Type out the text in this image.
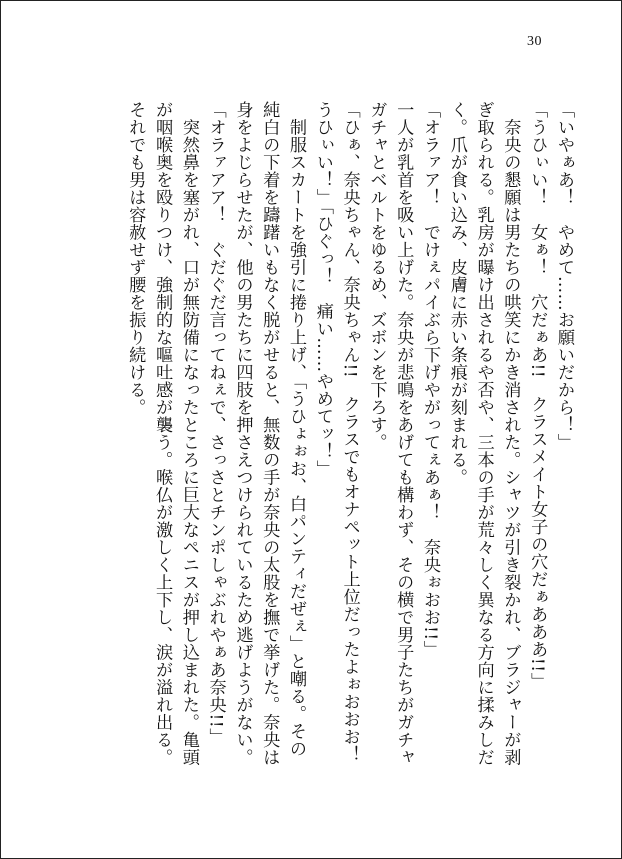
30
「いやぁあ！　やめて……お願いだから！」
「うひぃい！　女ぁ！　穴だぁあ!!　クラスメイト女子の穴だぁあああ!!」
　奈央の懇願は男たちの哄笑にかき消された。シャツが引き裂かれ、ブラジャーが剥
ぎ取られる。乳房が曝け出されるや否や、三本の手が荒々しく異なる方向に揉みしだ
く。爪が食い込み、皮膚に赤い条痕が刻まれる。
「オラァア！　でけぇパイぶら下げやがってぇあぁ！　奈央ぉおお!!」
一人が乳首を吸い上げた。奈央が悲鳴をあげても構わず、その横で男子たちがガチャ
ガチャとベルトをゆるめ、ズボンを下ろす。
「ひぁ、奈央ちゃん、奈央ちゃん!!　クラスでもオナペット上位だったよぉおおお！
うひぃい！」「ひぐっ！　痛い……やめてッ！」
　制服スカートを強引に捲り上げ、「うひょぉお、白パンティだぜぇ」と嘲る。その
純白の下着を躊躇いもなく脱がせると、無数の手が奈央の太股を撫で挙げた。奈央は
身をよじらせたが、他の男たちに四肢を押さえつけられているため逃げようがない。
「オラァアア！　ぐだぐだ言ってねぇで、さっさとチンポしゃぶれやぁあ奈央!!」
　突然鼻を塞がれ、口が無防備になったところに巨大なペニスが押し込まれた。亀頭
が咽喉奥を殴りつけ、強制的な嘔吐感が襲う。喉仏が激しく上下し、涙が溢れ出る。
それでも男は容赦せず腰を振り続ける。
